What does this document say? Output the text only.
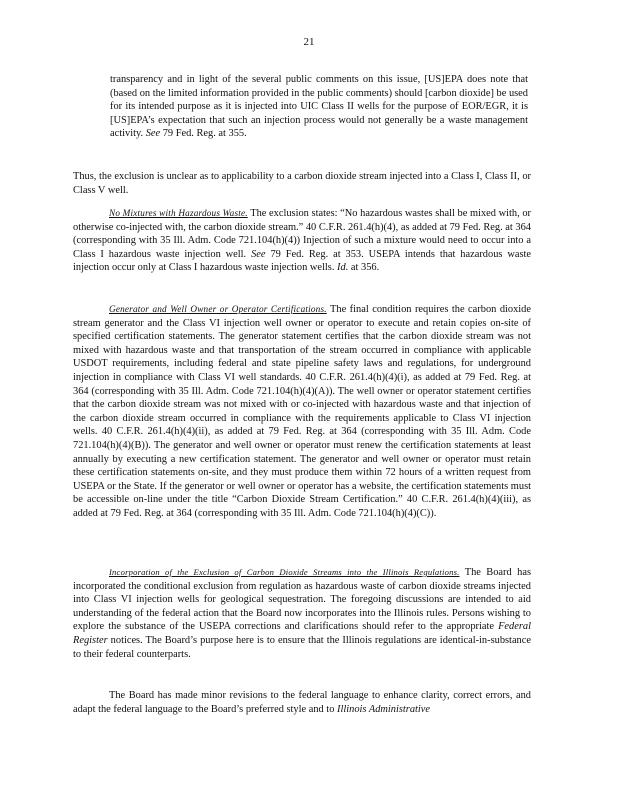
21

transparency and in light of the several public comments on this issue, [US]EPA does note that (based on the limited information provided in the public comments) should [carbon dioxide] be used for its intended purpose as it is injected into UIC Class II wells for the purpose of EOR/EGR, it is [US]EPA’s expectation that such an injection process would not generally be a waste management activity. See 79 Fed. Reg. at 355.

Thus, the exclusion is unclear as to applicability to a carbon dioxide stream injected into a Class I, Class II, or Class V well.

No Mixtures with Hazardous Waste. The exclusion states: “No hazardous wastes shall be mixed with, or otherwise co-injected with, the carbon dioxide stream.” 40 C.F.R. 261.4(h)(4), as added at 79 Fed. Reg. at 364 (corresponding with 35 Ill. Adm. Code 721.104(h)(4)) Injection of such a mixture would need to occur into a Class I hazardous waste injection well. See 79 Fed. Reg. at 353. USEPA intends that hazardous waste injection occur only at Class I hazardous waste injection wells. Id. at 356.

Generator and Well Owner or Operator Certifications. The final condition requires the carbon dioxide stream generator and the Class VI injection well owner or operator to execute and retain copies on-site of specified certification statements. The generator statement certifies that the carbon dioxide stream was not mixed with hazardous waste and that transportation of the stream occurred in compliance with applicable USDOT requirements, including federal and state pipeline safety laws and regulations, for underground injection in compliance with Class VI well standards. 40 C.F.R. 261.4(h)(4)(i), as added at 79 Fed. Reg. at 364 (corresponding with 35 Ill. Adm. Code 721.104(h)(4)(A)). The well owner or operator statement certifies that the carbon dioxide stream was not mixed with or co-injected with hazardous waste and that injection of the carbon dioxide stream occurred in compliance with the requirements applicable to Class VI injection wells. 40 C.F.R. 261.4(h)(4)(ii), as added at 79 Fed. Reg. at 364 (corresponding with 35 Ill. Adm. Code 721.104(h)(4)(B)). The generator and well owner or operator must renew the certification statements at least annually by executing a new certification statement. The generator and well owner or operator must retain these certification statements on-site, and they must produce them within 72 hours of a written request from USEPA or the State. If the generator or well owner or operator has a website, the certification statements must be accessible on-line under the title “Carbon Dioxide Stream Certification.” 40 C.F.R. 261.4(h)(4)(iii), as added at 79 Fed. Reg. at 364 (corresponding with 35 Ill. Adm. Code 721.104(h)(4)(C)).

Incorporation of the Exclusion of Carbon Dioxide Streams into the Illinois Regulations. The Board has incorporated the conditional exclusion from regulation as hazardous waste of carbon dioxide streams injected into Class VI injection wells for geological sequestration. The foregoing discussions are intended to aid understanding of the federal action that the Board now incorporates into the Illinois rules. Persons wishing to explore the substance of the USEPA corrections and clarifications should refer to the appropriate Federal Register notices. The Board’s purpose here is to ensure that the Illinois regulations are identical-in-substance to their federal counterparts.

The Board has made minor revisions to the federal language to enhance clarity, correct errors, and adapt the federal language to the Board’s preferred style and to Illinois Administrative
